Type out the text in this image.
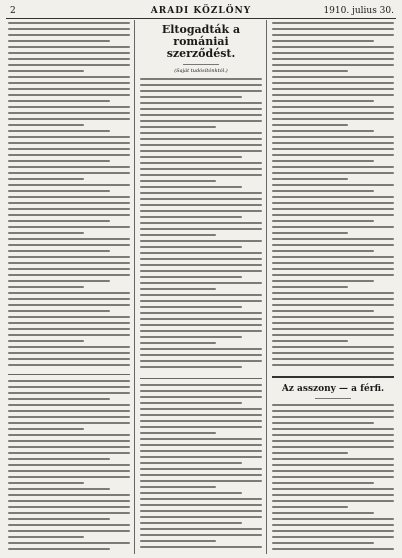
2	ARADI KÖZLÖNY	1910. julius 30.
Eltogadták a romániai szerződést.
(Saját tudósítónktól.)
Az asszony — a férfi.
